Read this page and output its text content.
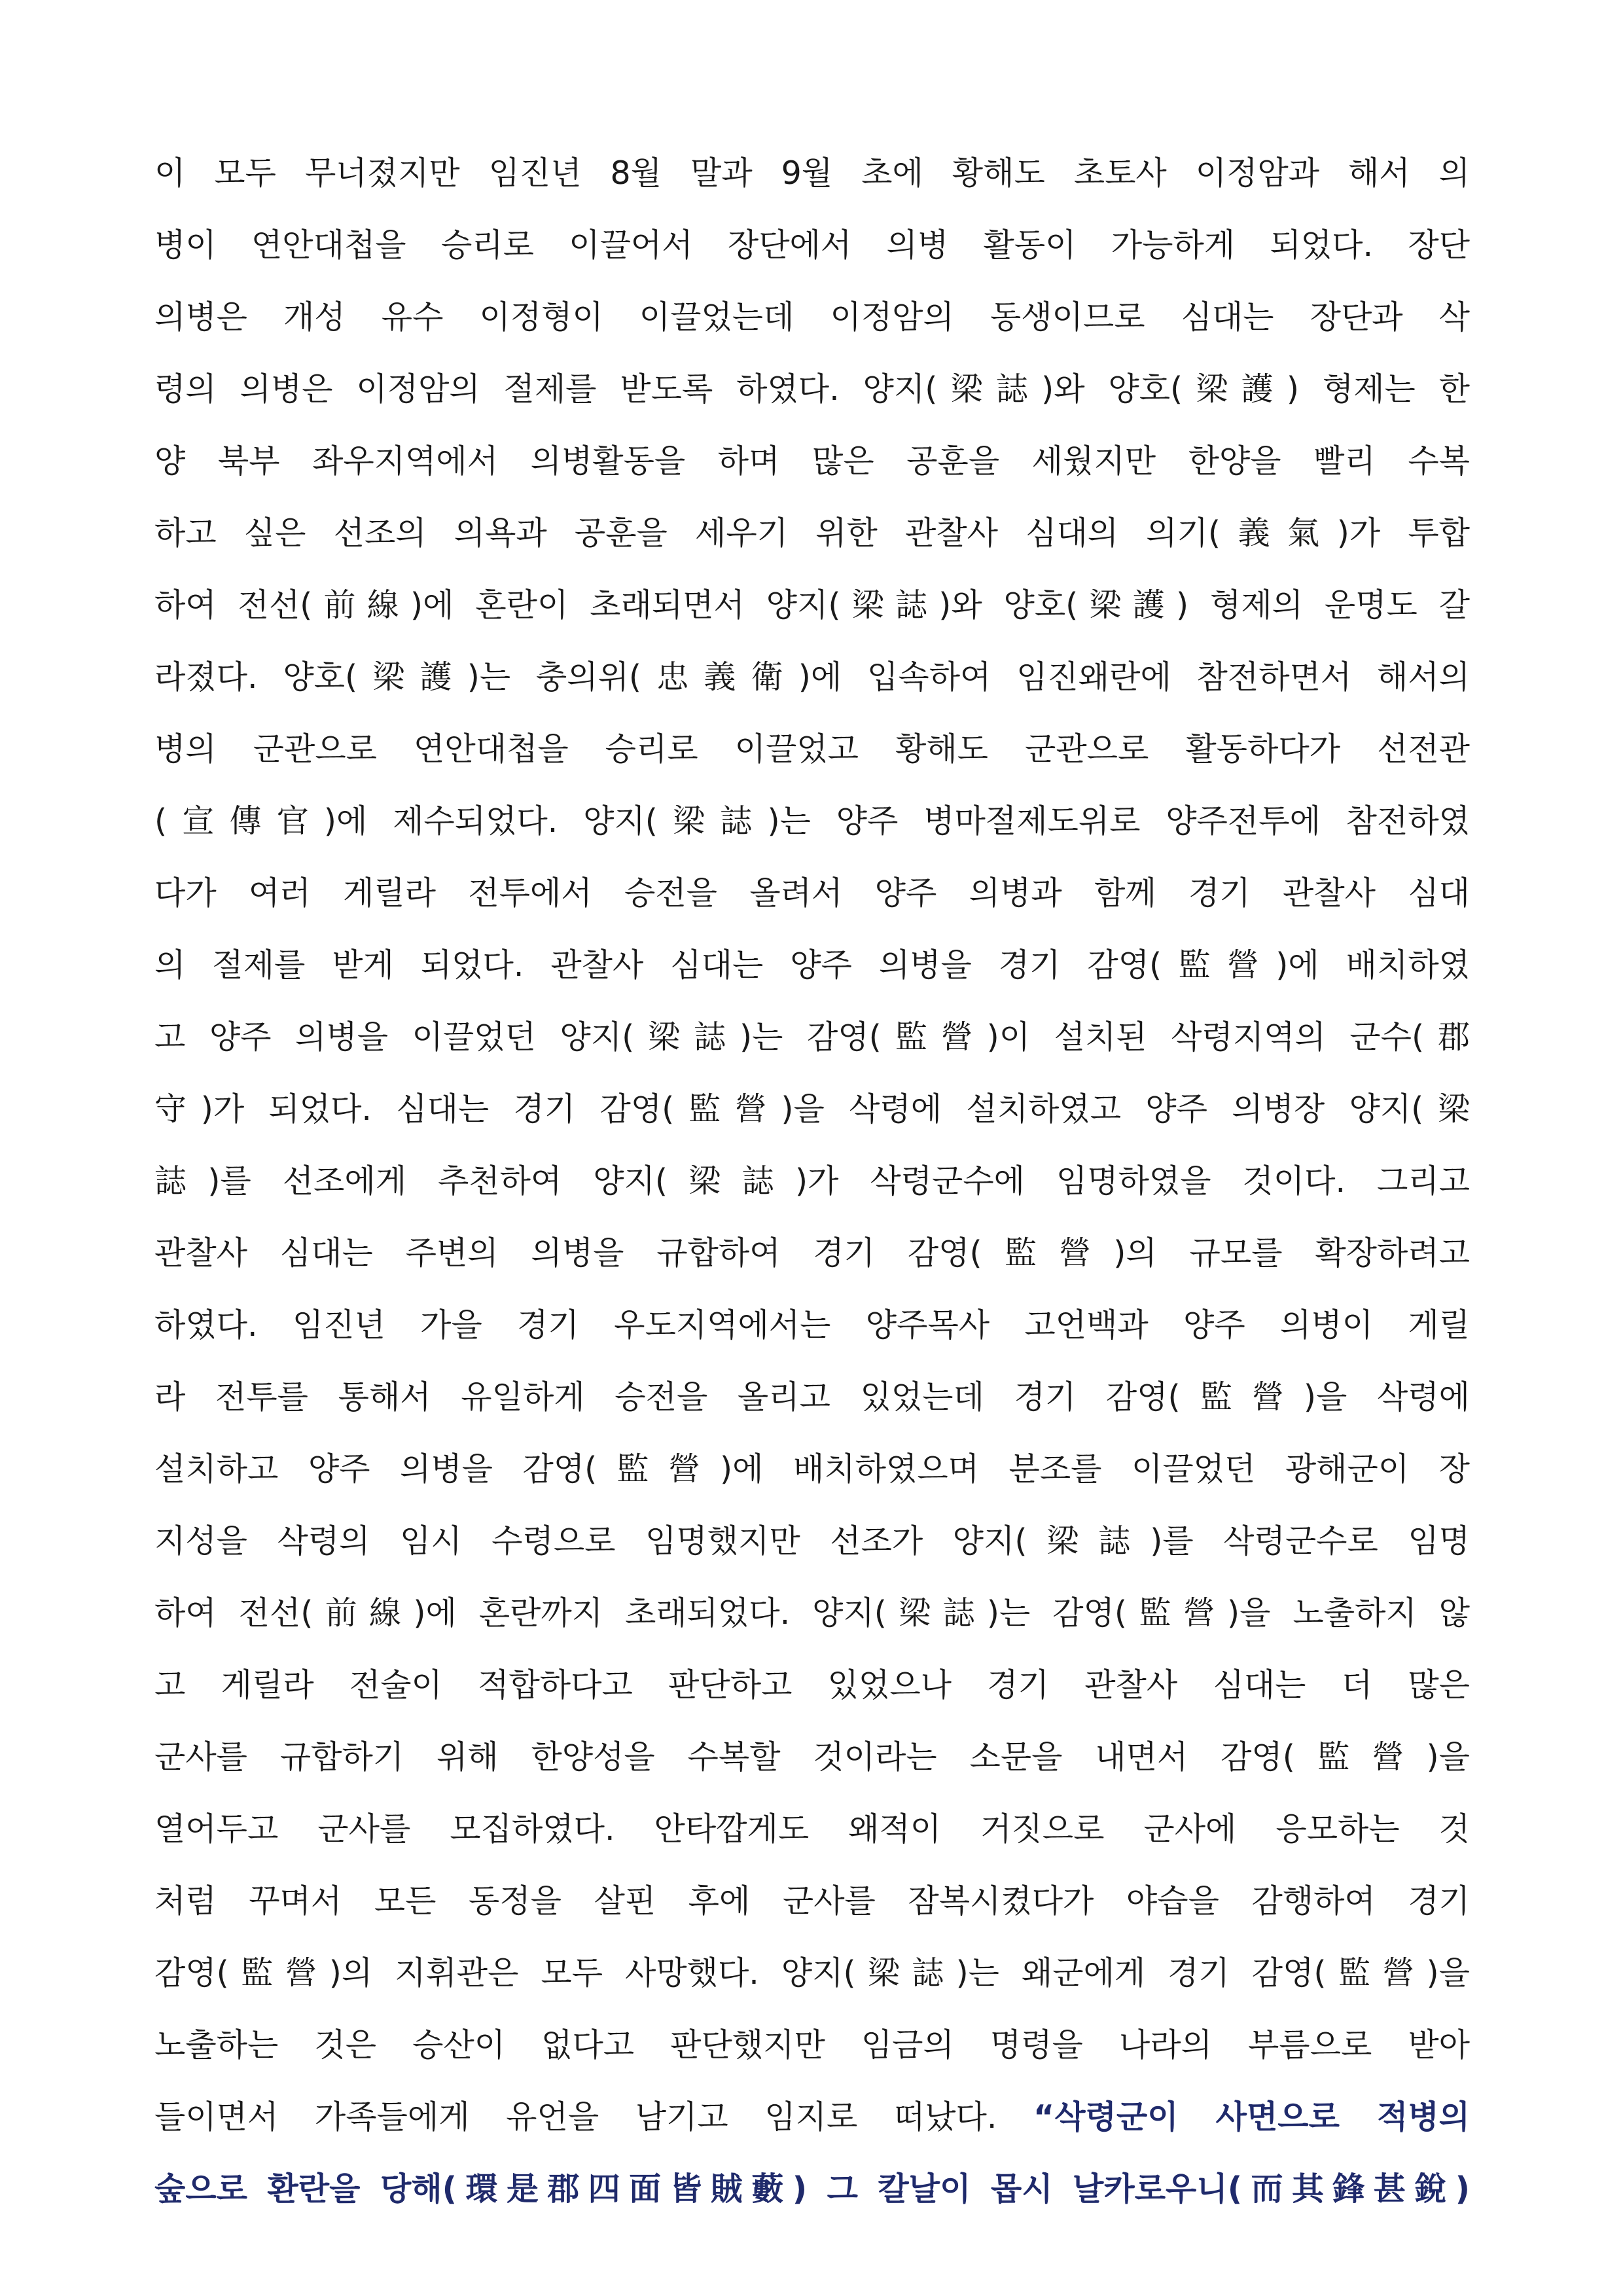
이 모두 무너졌지만 임진년 8월 말과 9월 초에 황해도 초토사 이정암과 해서 의
병이 연안대첩을 승리로 이끌어서 장단에서 의병 활동이 가능하게 되었다. 장단
의병은 개성 유수 이정형이 이끌었는데 이정암의 동생이므로 심대는 장단과 삭
령의 의병은 이정암의 절제를 받도록 하였다. 양지(梁誌)와 양호(梁護) 형제는 한
양 북부 좌우지역에서 의병활동을 하며 많은 공훈을 세웠지만 한양을 빨리 수복
하고 싶은 선조의 의욕과 공훈을 세우기 위한 관찰사 심대의 의기(義氣)가 투합
하여 전선(前線)에 혼란이 초래되면서 양지(梁誌)와 양호(梁護) 형제의 운명도 갈
라졌다. 양호(梁護)는 충의위(忠義衛)에 입속하여 임진왜란에 참전하면서 해서의
병의 군관으로 연안대첩을 승리로 이끌었고 황해도 군관으로 활동하다가 선전관
(宣傳官)에 제수되었다. 양지(梁誌)는 양주 병마절제도위로 양주전투에 참전하였
다가 여러 게릴라 전투에서 승전을 올려서 양주 의병과 함께 경기 관찰사 심대
의 절제를 받게 되었다. 관찰사 심대는 양주 의병을 경기 감영(監營)에 배치하였
고 양주 의병을 이끌었던 양지(梁誌)는 감영(監營)이 설치된 삭령지역의 군수(郡
守)가 되었다. 심대는 경기 감영(監營)을 삭령에 설치하였고 양주 의병장 양지(梁
誌)를 선조에게 추천하여 양지(梁誌)가 삭령군수에 임명하였을 것이다. 그리고
관찰사 심대는 주변의 의병을 규합하여 경기 감영(監營)의 규모를 확장하려고
하였다. 임진년 가을 경기 우도지역에서는 양주목사 고언백과 양주 의병이 게릴
라 전투를 통해서 유일하게 승전을 올리고 있었는데 경기 감영(監營)을 삭령에
설치하고 양주 의병을 감영(監營)에 배치하였으며 분조를 이끌었던 광해군이 장
지성을 삭령의 임시 수령으로 임명했지만 선조가 양지(梁誌)를 삭령군수로 임명
하여 전선(前線)에 혼란까지 초래되었다. 양지(梁誌)는 감영(監營)을 노출하지 않
고 게릴라 전술이 적합하다고 판단하고 있었으나 경기 관찰사 심대는 더 많은
군사를 규합하기 위해 한양성을 수복할 것이라는 소문을 내면서 감영(監營)을
열어두고 군사를 모집하였다. 안타깝게도 왜적이 거짓으로 군사에 응모하는 것
처럼 꾸며서 모든 동정을 살핀 후에 군사를 잠복시켰다가 야습을 감행하여 경기
감영(監營)의 지휘관은 모두 사망했다. 양지(梁誌)는 왜군에게 경기 감영(監營)을
노출하는 것은 승산이 없다고 판단했지만 임금의 명령을 나라의 부름으로 받아
들이면서 가족들에게 유언을 남기고 임지로 떠났다. “삭령군이 사면으로 적병의
숲으로 환란을 당해(環是郡四面皆賊藪) 그 칼날이 몹시 날카로우니(而其鋒甚銳)
